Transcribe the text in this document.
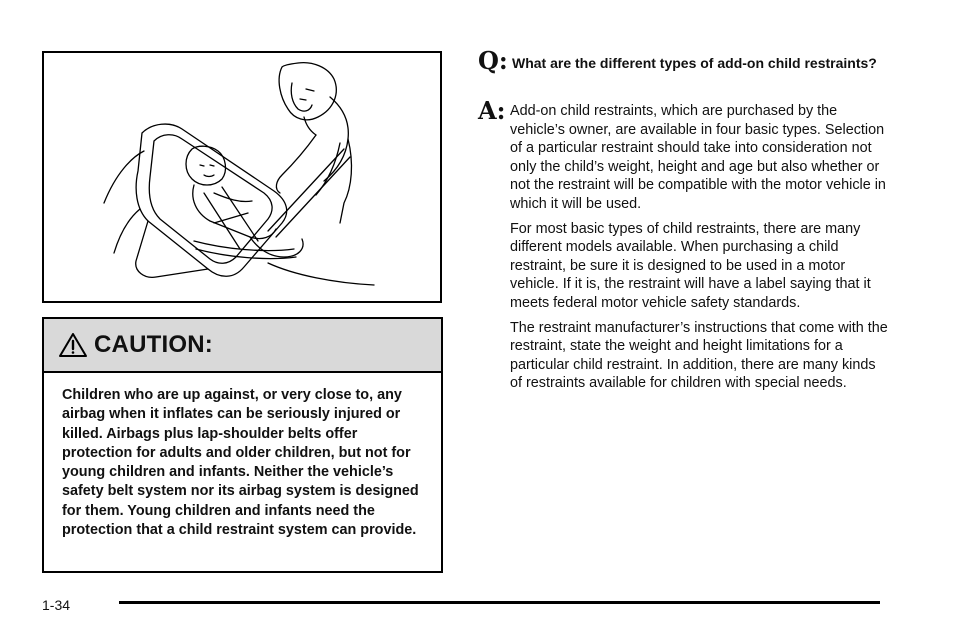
CAUTION:
Children who are up against, or very close to, any airbag when it inflates can be seriously injured or killed. Airbags plus lap-shoulder belts offer protection for adults and older children, but not for young children and infants. Neither the vehicle’s safety belt system nor its airbag system is designed for them. Young children and infants need the protection that a child restraint system can provide.
Q: What are the different types of add-on child restraints?
A: Add-on child restraints, which are purchased by the vehicle’s owner, are available in four basic types. Selection of a particular restraint should take into consideration not only the child’s weight, height and age but also whether or not the restraint will be compatible with the motor vehicle in which it will be used.

For most basic types of child restraints, there are many different models available. When purchasing a child restraint, be sure it is designed to be used in a motor vehicle. If it is, the restraint will have a label saying that it meets federal motor vehicle safety standards.

The restraint manufacturer’s instructions that come with the restraint, state the weight and height limitations for a particular child restraint. In addition, there are many kinds of restraints available for children with special needs.

1-34
